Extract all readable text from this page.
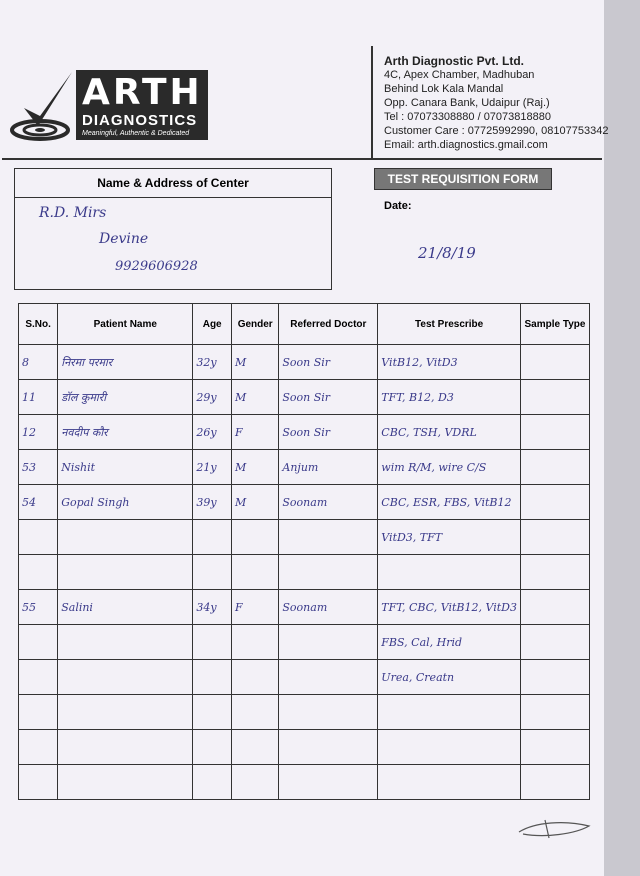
ARTH
DIAGNOSTICS
Meaningful, Authentic & Dedicated
Arth Diagnostic Pvt. Ltd.
4C, Apex Chamber, Madhuban
Behind Lok Kala Mandal
Opp. Canara Bank, Udaipur (Raj.)
Tel : 07073308880 / 07073818880
Customer Care : 07725992990, 08107753342
Email: arth.diagnostics.gmail.com
Name & Address of Center
R.D. Mirs
Devine
9929606928
TEST REQUISITION FORM
Date:
21/8/19
S.No.	Patient Name	Age	Gender	Referred Doctor	Test Prescribe	Sample Type
8	निरमा परमार	32y	M	Soon Sir	VitB12, VitD3	
11	डॉल कुमारी	29y	M	Soon Sir	TFT, B12, D3	
12	नवदीप कौर	26y	F	Soon Sir	CBC, TSH, VDRL	
53	Nishit	21y	M	Anjum	wim R/M, wire C/S	
54	Gopal Singh	39y	M	Soonam	CBC, ESR, FBS, VitB12	
					VitD3, TFT	

55	Salini	34y	F	Soonam	TFT, CBC, VitB12, VitD3	
					FBS, Cal, Hrid	
					Urea, Creatn	
